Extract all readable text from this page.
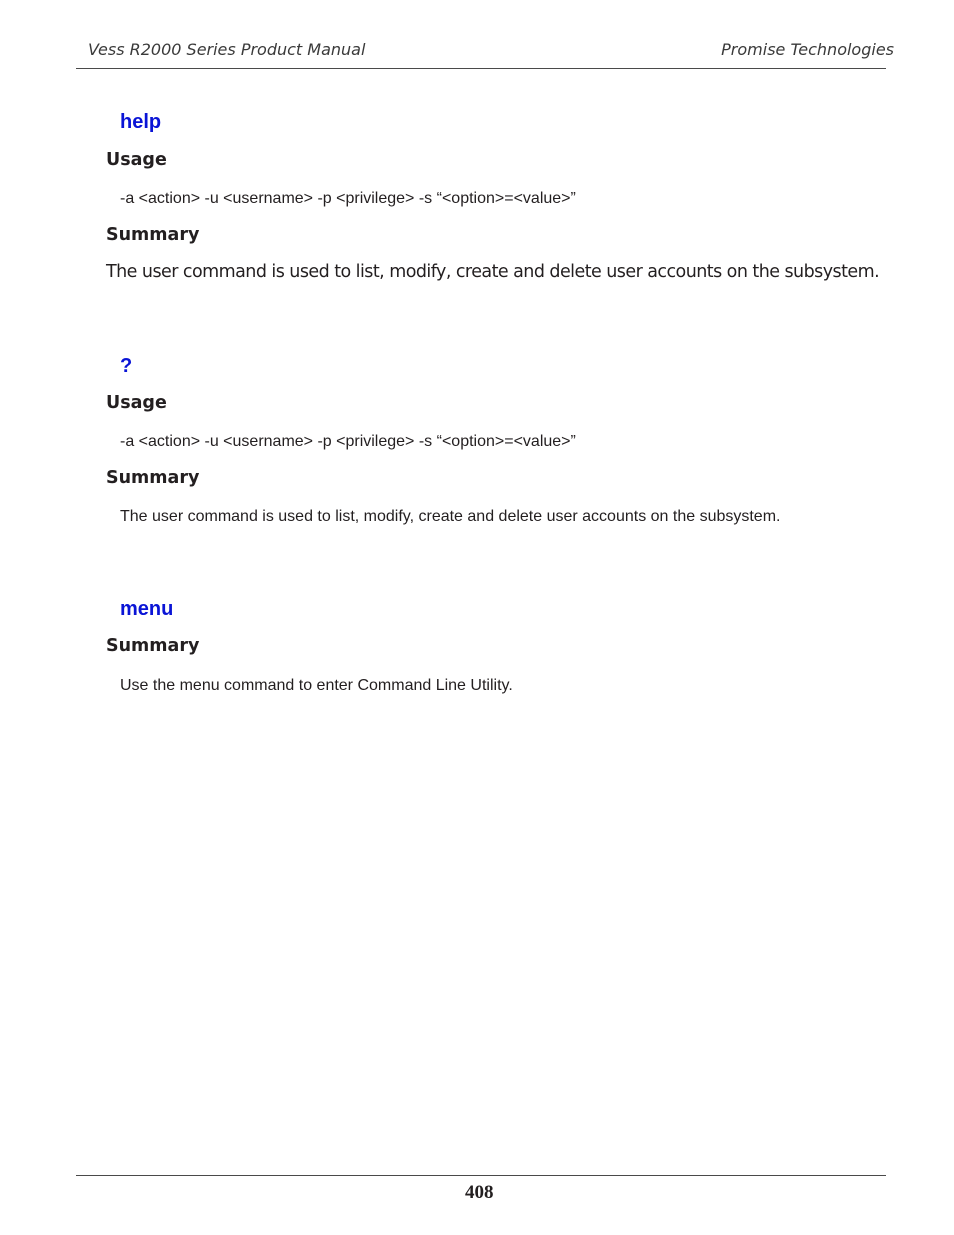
Vess R2000 Series Product Manual	Promise Technologies
help
Usage
-a <action> -u <username> -p <privilege> -s “<option>=<value>”
Summary
The user command is used to list, modify, create and delete user accounts on the subsystem.
?
Usage
-a <action> -u <username> -p <privilege> -s “<option>=<value>”
Summary
The user command is used to list, modify, create and delete user accounts on the subsystem.
menu
Summary
Use the menu command to enter Command Line Utility.
408
